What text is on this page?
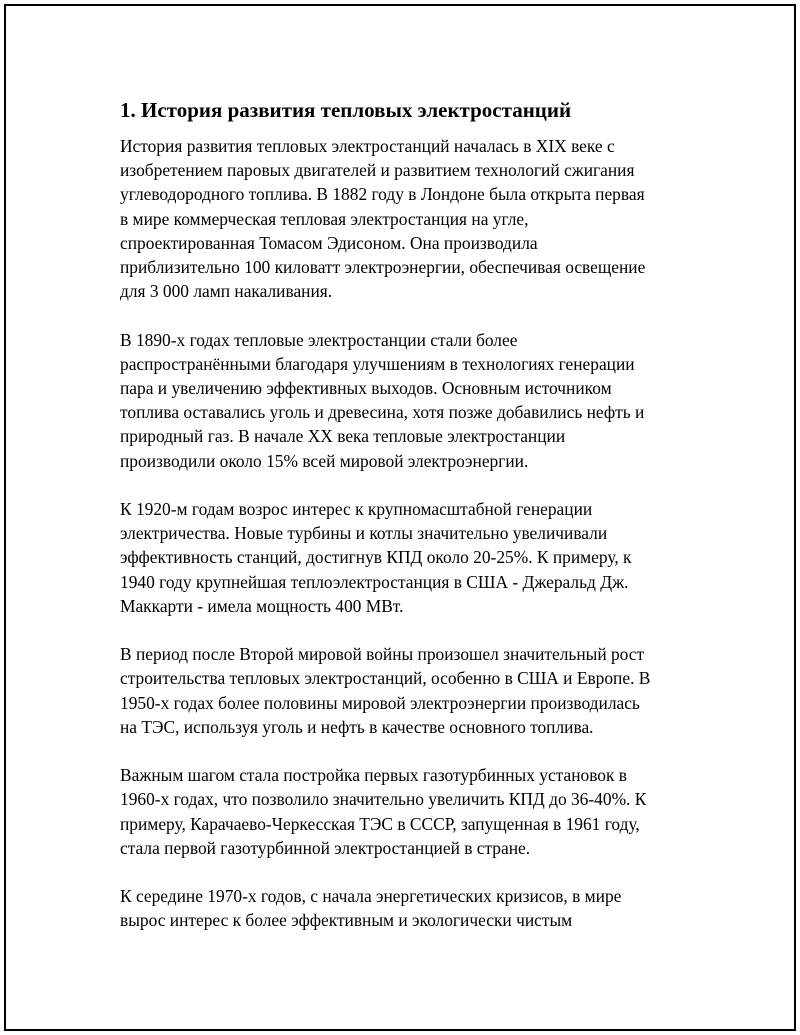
1. История развития тепловых электростанций
История развития тепловых электростанций началась в XIX веке с
изобретением паровых двигателей и развитием технологий сжигания
углеводородного топлива. В 1882 году в Лондоне была открыта первая
в мире коммерческая тепловая электростанция на угле,
спроектированная Томасом Эдисоном. Она производила
приблизительно 100 киловатт электроэнергии, обеспечивая освещение
для 3 000 ламп накаливания.
В 1890-х годах тепловые электростанции стали более
распространёнными благодаря улучшениям в технологиях генерации
пара и увеличению эффективных выходов. Основным источником
топлива оставались уголь и древесина, хотя позже добавились нефть и
природный газ. В начале XX века тепловые электростанции
производили около 15% всей мировой электроэнергии.
К 1920-м годам возрос интерес к крупномасштабной генерации
электричества. Новые турбины и котлы значительно увеличивали
эффективность станций, достигнув КПД около 20-25%. К примеру, к
1940 году крупнейшая теплоэлектростанция в США - Джеральд Дж.
Маккарти - имела мощность 400 МВт.
В период после Второй мировой войны произошел значительный рост
строительства тепловых электростанций, особенно в США и Европе. В
1950-х годах более половины мировой электроэнергии производилась
на ТЭС, используя уголь и нефть в качестве основного топлива.
Важным шагом стала постройка первых газотурбинных установок в
1960-х годах, что позволило значительно увеличить КПД до 36-40%. К
примеру, Карачаево-Черкесская ТЭС в СССР, запущенная в 1961 году,
стала первой газотурбинной электростанцией в стране.
К середине 1970-х годов, с начала энергетических кризисов, в мире
вырос интерес к более эффективным и экологически чистым
